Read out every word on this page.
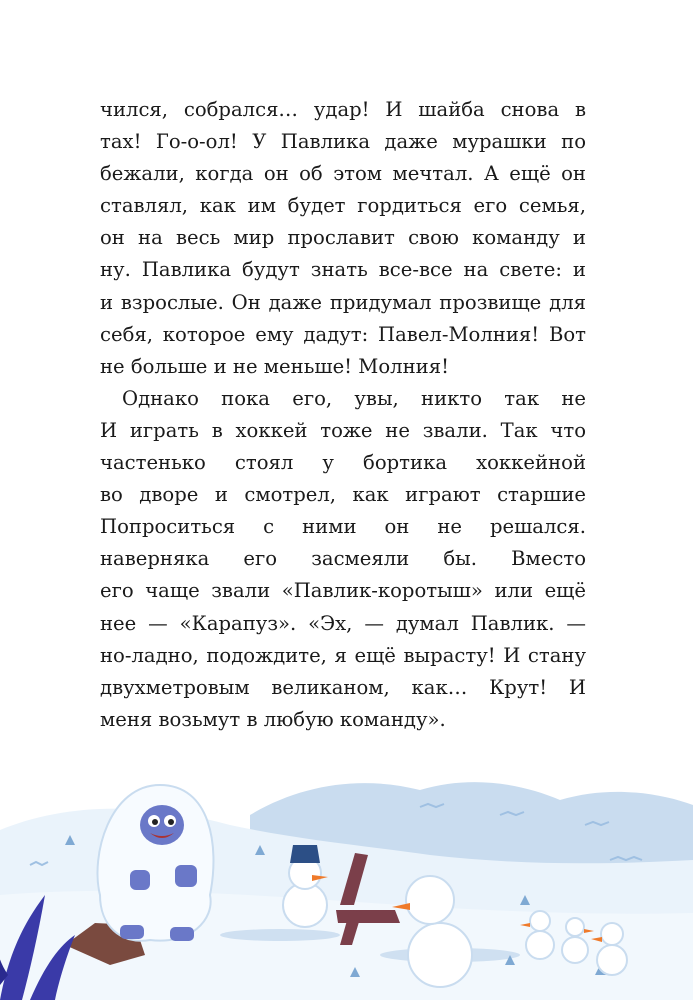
чился, собрался… удар! И шайба снова в
тах! Го-о-ол! У Павлика даже мурашки по
бежали, когда он об этом мечтал. А ещё он
ставлял, как им будет гордиться его семья,
он на весь мир прославит свою команду и
ну. Павлика будут знать все-все на свете: и
и взрослые. Он даже придумал прозвище для
себя, которое ему дадут: Павел-Молния! Вот
не больше и не меньше! Молния!
Однако пока его, увы, никто так не
И играть в хоккей тоже не звали. Так что
частенько стоял у бортика хоккейной
во дворе и смотрел, как играют старшие
Попроситься с ними он не решался.
наверняка его засмеяли бы. Вместо
его чаще звали «Павлик-коротыш» или ещё
нее — «Карапуз». «Эх, — думал Павлик. —
но-ладно, подождите, я ещё вырасту! И стану
двухметровым великаном, как… Крут! И
меня возьмут в любую команду».
